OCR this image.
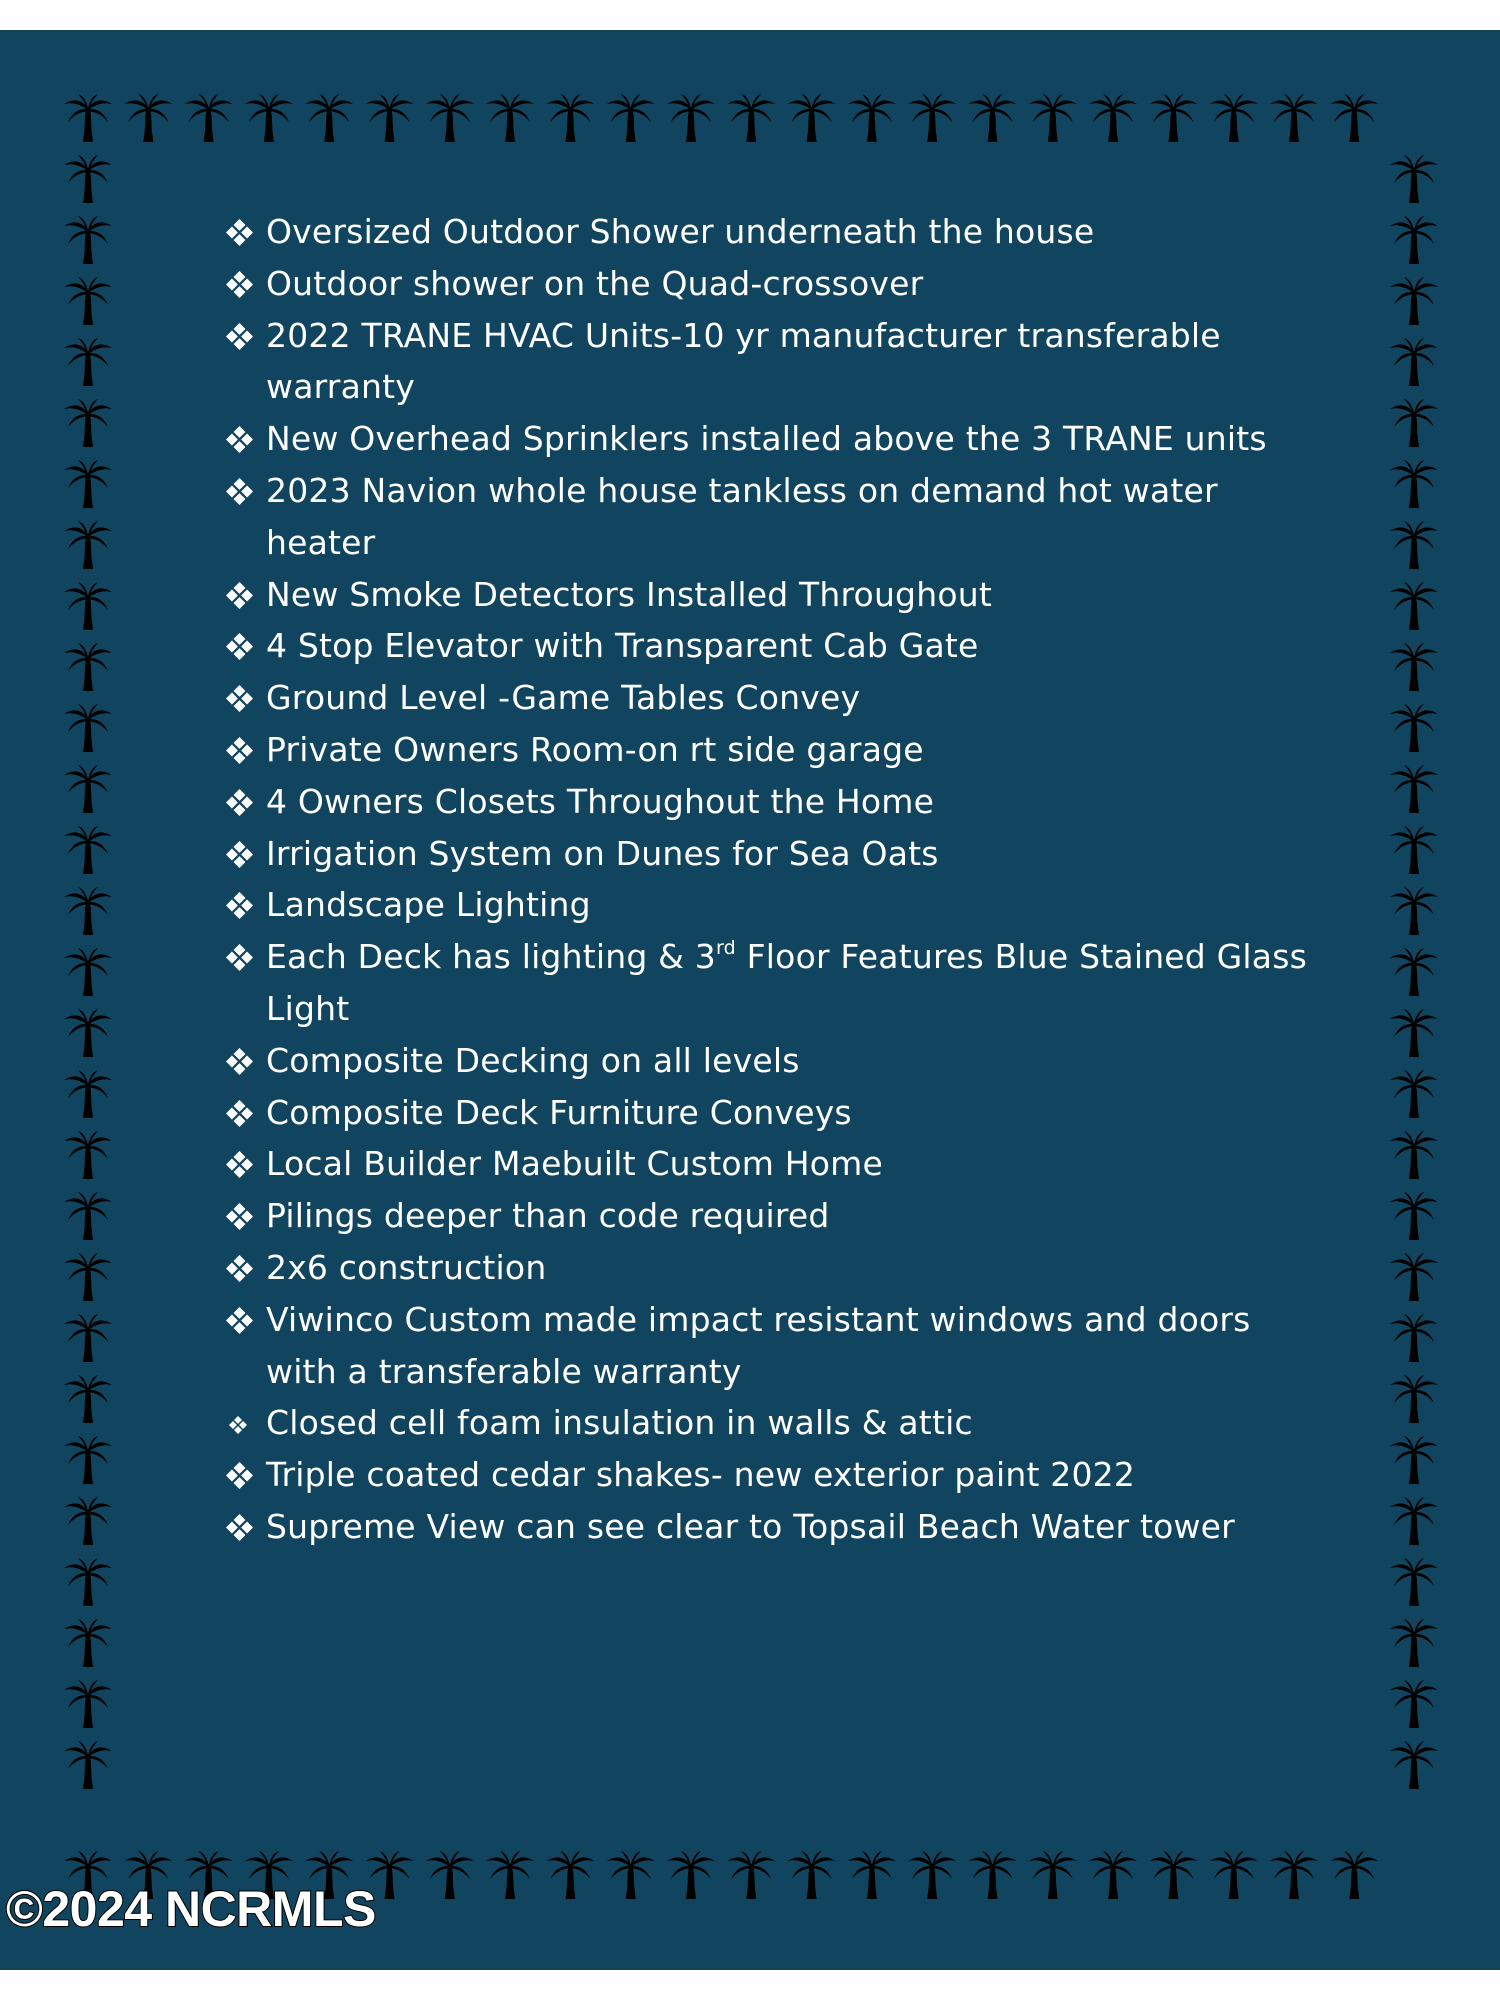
Oversized Outdoor Shower underneath the house
Outdoor shower on the Quad-crossover
2022 TRANE HVAC Units-10 yr manufacturer transferable warranty
New Overhead Sprinklers installed above the 3 TRANE units
2023 Navion whole house tankless on demand hot water heater
New Smoke Detectors Installed Throughout
4 Stop Elevator with Transparent Cab Gate
Ground Level -Game Tables Convey
Private Owners Room-on rt side garage
4 Owners Closets Throughout the Home
Irrigation System on Dunes for Sea Oats
Landscape Lighting
Each Deck has lighting & 3rd Floor Features Blue Stained Glass Light
Composite Decking on all levels
Composite Deck Furniture Conveys
Local Builder Maebuilt Custom Home
Pilings deeper than code required
2x6 construction
Viwinco Custom made impact resistant windows and doors with a transferable warranty
Closed cell foam insulation in walls & attic
Triple coated cedar shakes- new exterior paint 2022
Supreme View can see clear to Topsail Beach Water tower
©2024 NCRMLS
